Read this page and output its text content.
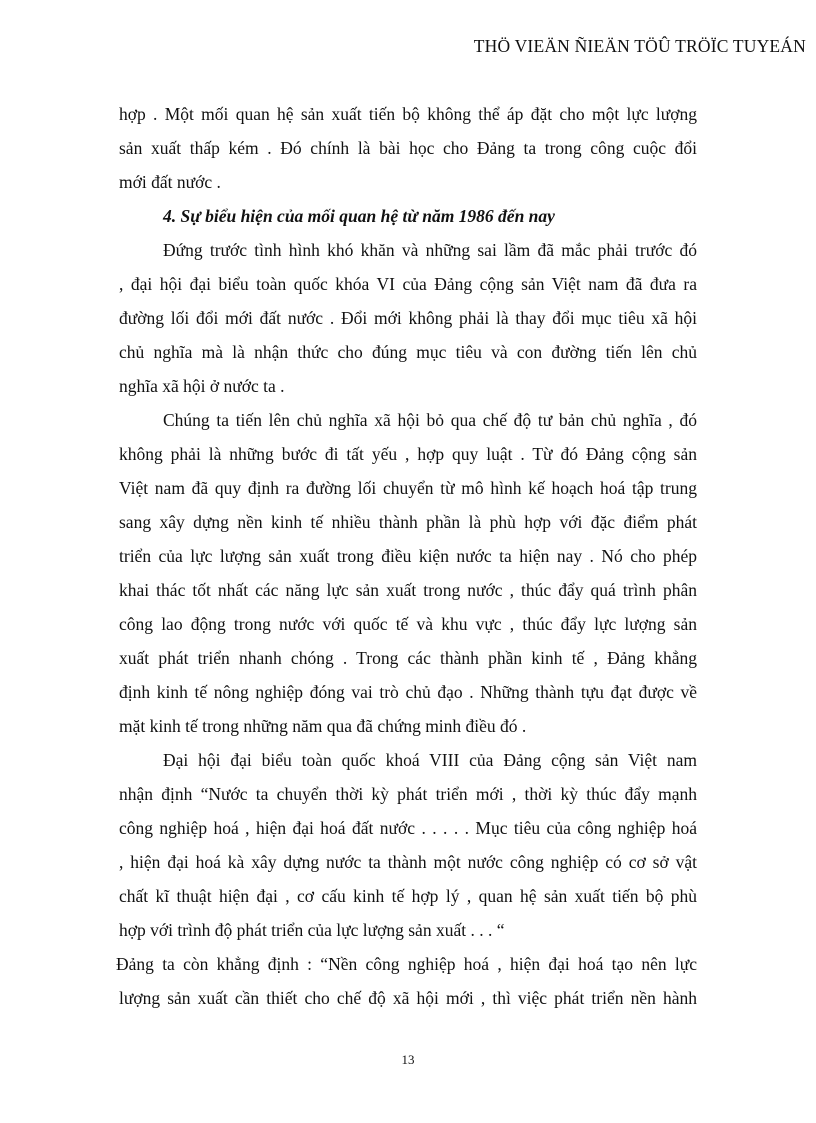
THÖ VIEÄN ÑIEÄN TÖÛ TRÖÏC TUYEÁN
hợp . Một mối quan hệ sản xuất tiến bộ không thể áp đặt cho một lực lượng
sản xuất thấp kém . Đó chính là bài học cho Đảng ta trong công cuộc đổi
mới đất nước .
4. Sự biểu hiện của mối quan hệ từ năm 1986 đến nay
Đứng trước tình hình khó khăn và những sai lầm đã mắc phải trước đó
, đại hội đại biểu toàn quốc khóa VI của Đảng cộng sản Việt nam đã đưa ra
đường lối đổi mới đất nước . Đổi mới không phải là thay đổi mục tiêu xã hội
chủ nghĩa mà là nhận thức cho đúng mục tiêu và con đường tiến lên chủ
nghĩa xã hội ở nước ta .
Chúng ta tiến lên chủ nghĩa xã hội bỏ qua chế độ tư bản chủ nghĩa , đó
không phải là những bước đi tất yếu , hợp quy luật . Từ đó Đảng cộng sản
Việt nam đã quy định ra đường lối chuyển từ mô hình kế hoạch hoá tập trung
sang xây dựng nền kinh tế nhiều thành phần là phù hợp với đặc điểm phát
triển của lực lượng sản xuất trong điều kiện nước ta hiện nay . Nó cho phép
khai thác tốt nhất các năng lực sản xuất trong nước , thúc đẩy quá trình phân
công lao động trong nước với quốc tế và khu vực , thúc đẩy lực lượng sản
xuất phát triển nhanh chóng . Trong các thành phần kinh tế , Đảng khẳng
định kinh tế nông nghiệp đóng vai trò chủ đạo . Những thành tựu đạt được về
mặt kinh tế trong những năm qua đã chứng minh điều đó .
Đại hội đại biểu toàn quốc khoá VIII của Đảng cộng sản Việt nam
nhận định “Nước ta chuyển thời kỳ phát triển mới , thời kỳ thúc đẩy mạnh
công nghiệp hoá , hiện đại hoá đất nước . . . . . Mục tiêu của công nghiệp hoá
, hiện đại hoá kà xây dựng nước ta thành một nước công nghiệp có cơ sở vật
chất kĩ thuật hiện đại , cơ cấu kinh tế hợp lý , quan hệ sản xuất tiến bộ phù
hợp với trình độ phát triển của lực lượng sản xuất . . . “
Đảng ta còn khẳng định : “Nền công nghiệp hoá , hiện đại hoá tạo nên lực
lượng sản xuất cần thiết cho chế độ xã hội mới , thì việc phát triển nền hành
13
